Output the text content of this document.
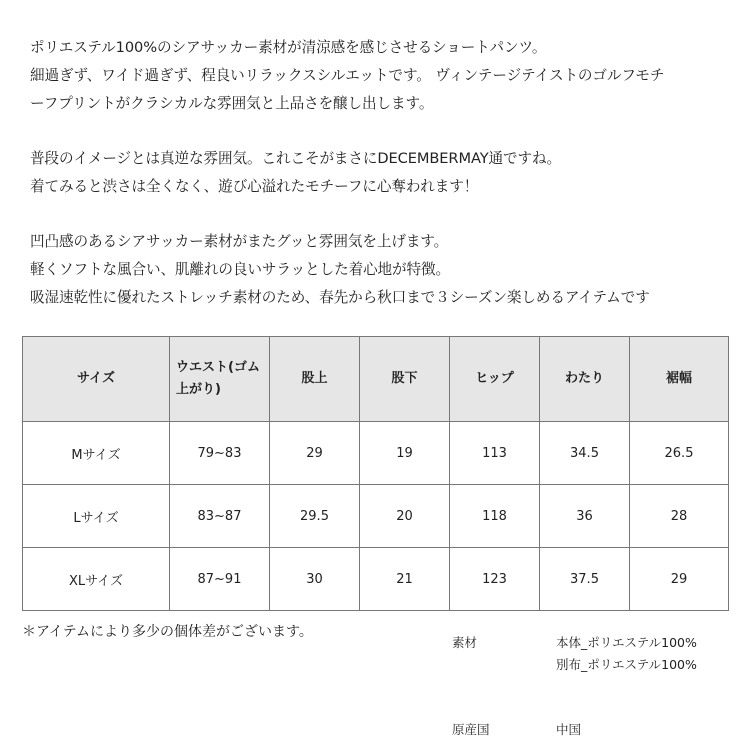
ポリエステル100%のシアサッカー素材が清涼感を感じさせるショートパンツ。
細過ぎず、ワイド過ぎず、程良いリラックスシルエットです。 ヴィンテージテイストのゴルフモチ
ーフプリントがクラシカルな雰囲気と上品さを醸し出します。
普段のイメージとは真逆な雰囲気。これこそがまさにDECEMBERMAY通ですね。
着てみると渋さは全くなく、遊び心溢れたモチーフに心奪われます！
凹凸感のあるシアサッカー素材がまたグッと雰囲気を上げます。
軽くソフトな風合い、肌離れの良いサラッとした着心地が特徴。
吸湿速乾性に優れたストレッチ素材のため、春先から秋口まで３シーズン楽しめるアイテムです
サイズ	ウエスト(ゴム
上がり)	股上	股下	ヒップ	わたり	裾幅
Mサイズ	79~83	29	19	113	34.5	26.5
Lサイズ	83~87	29.5	20	118	36	28
XLサイズ	87~91	30	21	123	37.5	29
＊アイテムにより多少の個体差がございます。
素材	本体_ポリエステル100%
別布_ポリエステル100%
原産国	中国
